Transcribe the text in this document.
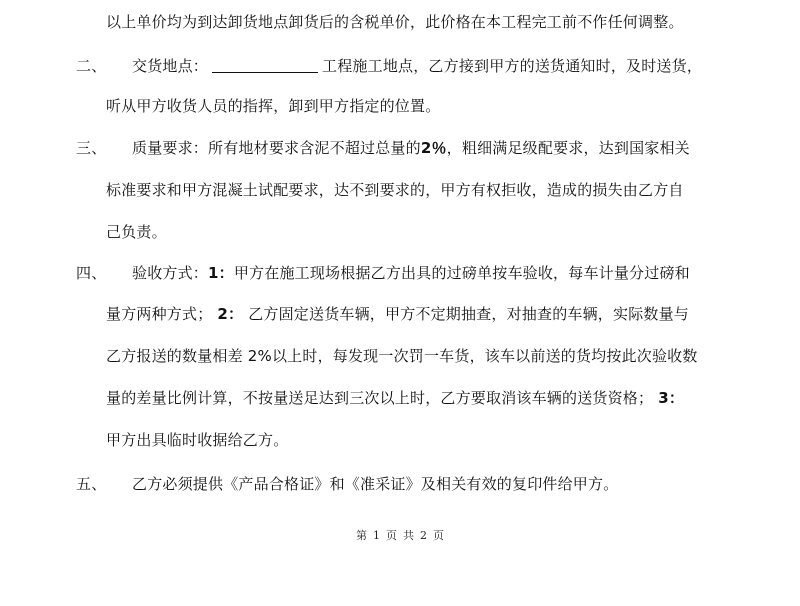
以上单价均为到达卸货地点卸货后的含税单价，此价格在本工程完工前不作任何调整。
二、 交货地点：	工程施工地点，乙方接到甲方的送货通知时，及时送货，
听从甲方收货人员的指挥，卸到甲方指定的位置。
三、 质量要求：所有地材要求含泥不超过总量的2％，粗细满足级配要求，达到国家相关
标准要求和甲方混凝土试配要求，达不到要求的，甲方有权拒收，造成的损失由乙方自
己负责。
四、 验收方式：1：甲方在施工现场根据乙方出具的过磅单按车验收，每车计量分过磅和
量方两种方式； 2： 乙方固定送货车辆，甲方不定期抽查，对抽查的车辆，实际数量与
乙方报送的数量相差 2%以上时，每发现一次罚一车货，该车以前送的货均按此次验收数
量的差量比例计算，不按量送足达到三次以上时，乙方要取消该车辆的送货资格； 3：
甲方出具临时收据给乙方。
五、 乙方必须提供《产品合格证》和《准采证》及相关有效的复印件给甲方。
第 1 页 共 2 页
